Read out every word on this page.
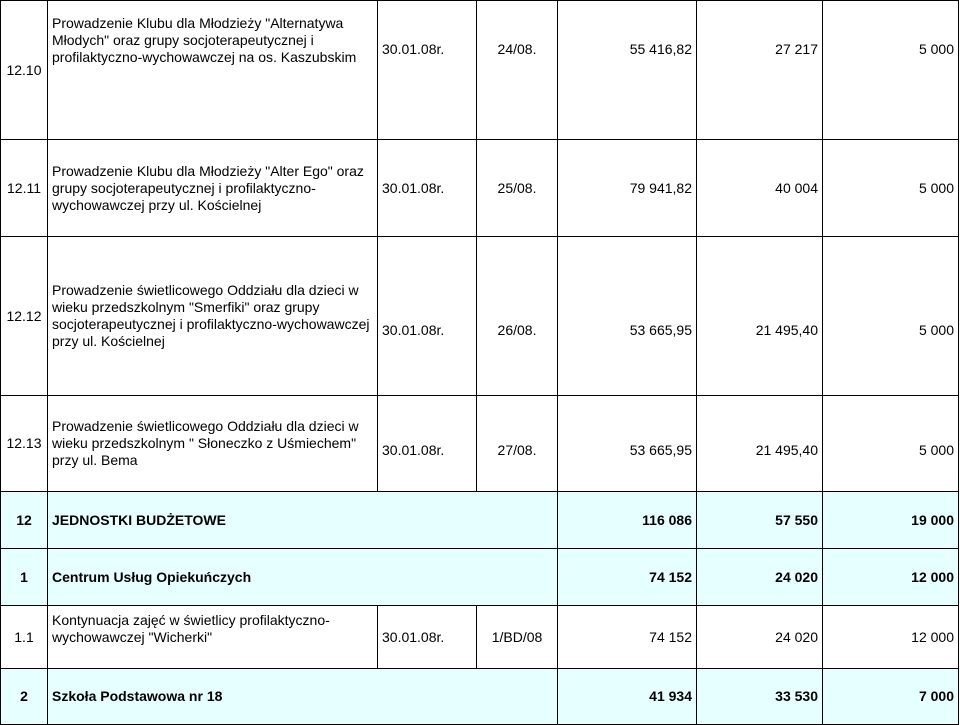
12.10	Prowadzenie Klubu dla Młodzieży "Alternatywa Młodych" oraz grupy socjoterapeutycznej i profilaktyczno-wychowawczej na os. Kaszubskim	30.01.08r.	24/08.	55 416,82	27 217	5 000
12.11	Prowadzenie Klubu dla Młodzieży "Alter Ego" oraz grupy socjoterapeutycznej i profilaktyczno-wychowawczej przy ul. Kościelnej	30.01.08r.	25/08.	79 941,82	40 004	5 000
12.12	Prowadzenie świetlicowego Oddziału dla dzieci w wieku przedszkolnym "Smerfiki" oraz grupy socjoterapeutycznej i profilaktyczno-wychowawczej przy ul. Kościelnej	30.01.08r.	26/08.	53 665,95	21 495,40	5 000
12.13	Prowadzenie świetlicowego Oddziału dla dzieci w wieku przedszkolnym " Słoneczko z Uśmiechem" przy ul. Bema	30.01.08r.	27/08.	53 665,95	21 495,40	5 000
12	JEDNOSTKI BUDŻETOWE			116 086	57 550	19 000
1	Centrum Usług Opiekuńczych			74 152	24 020	12 000
1.1	Kontynuacja zajęć w świetlicy profilaktyczno-wychowawczej "Wicherki"	30.01.08r.	1/BD/08	74 152	24 020	12 000
2	Szkoła Podstawowa nr 18			41 934	33 530	7 000
